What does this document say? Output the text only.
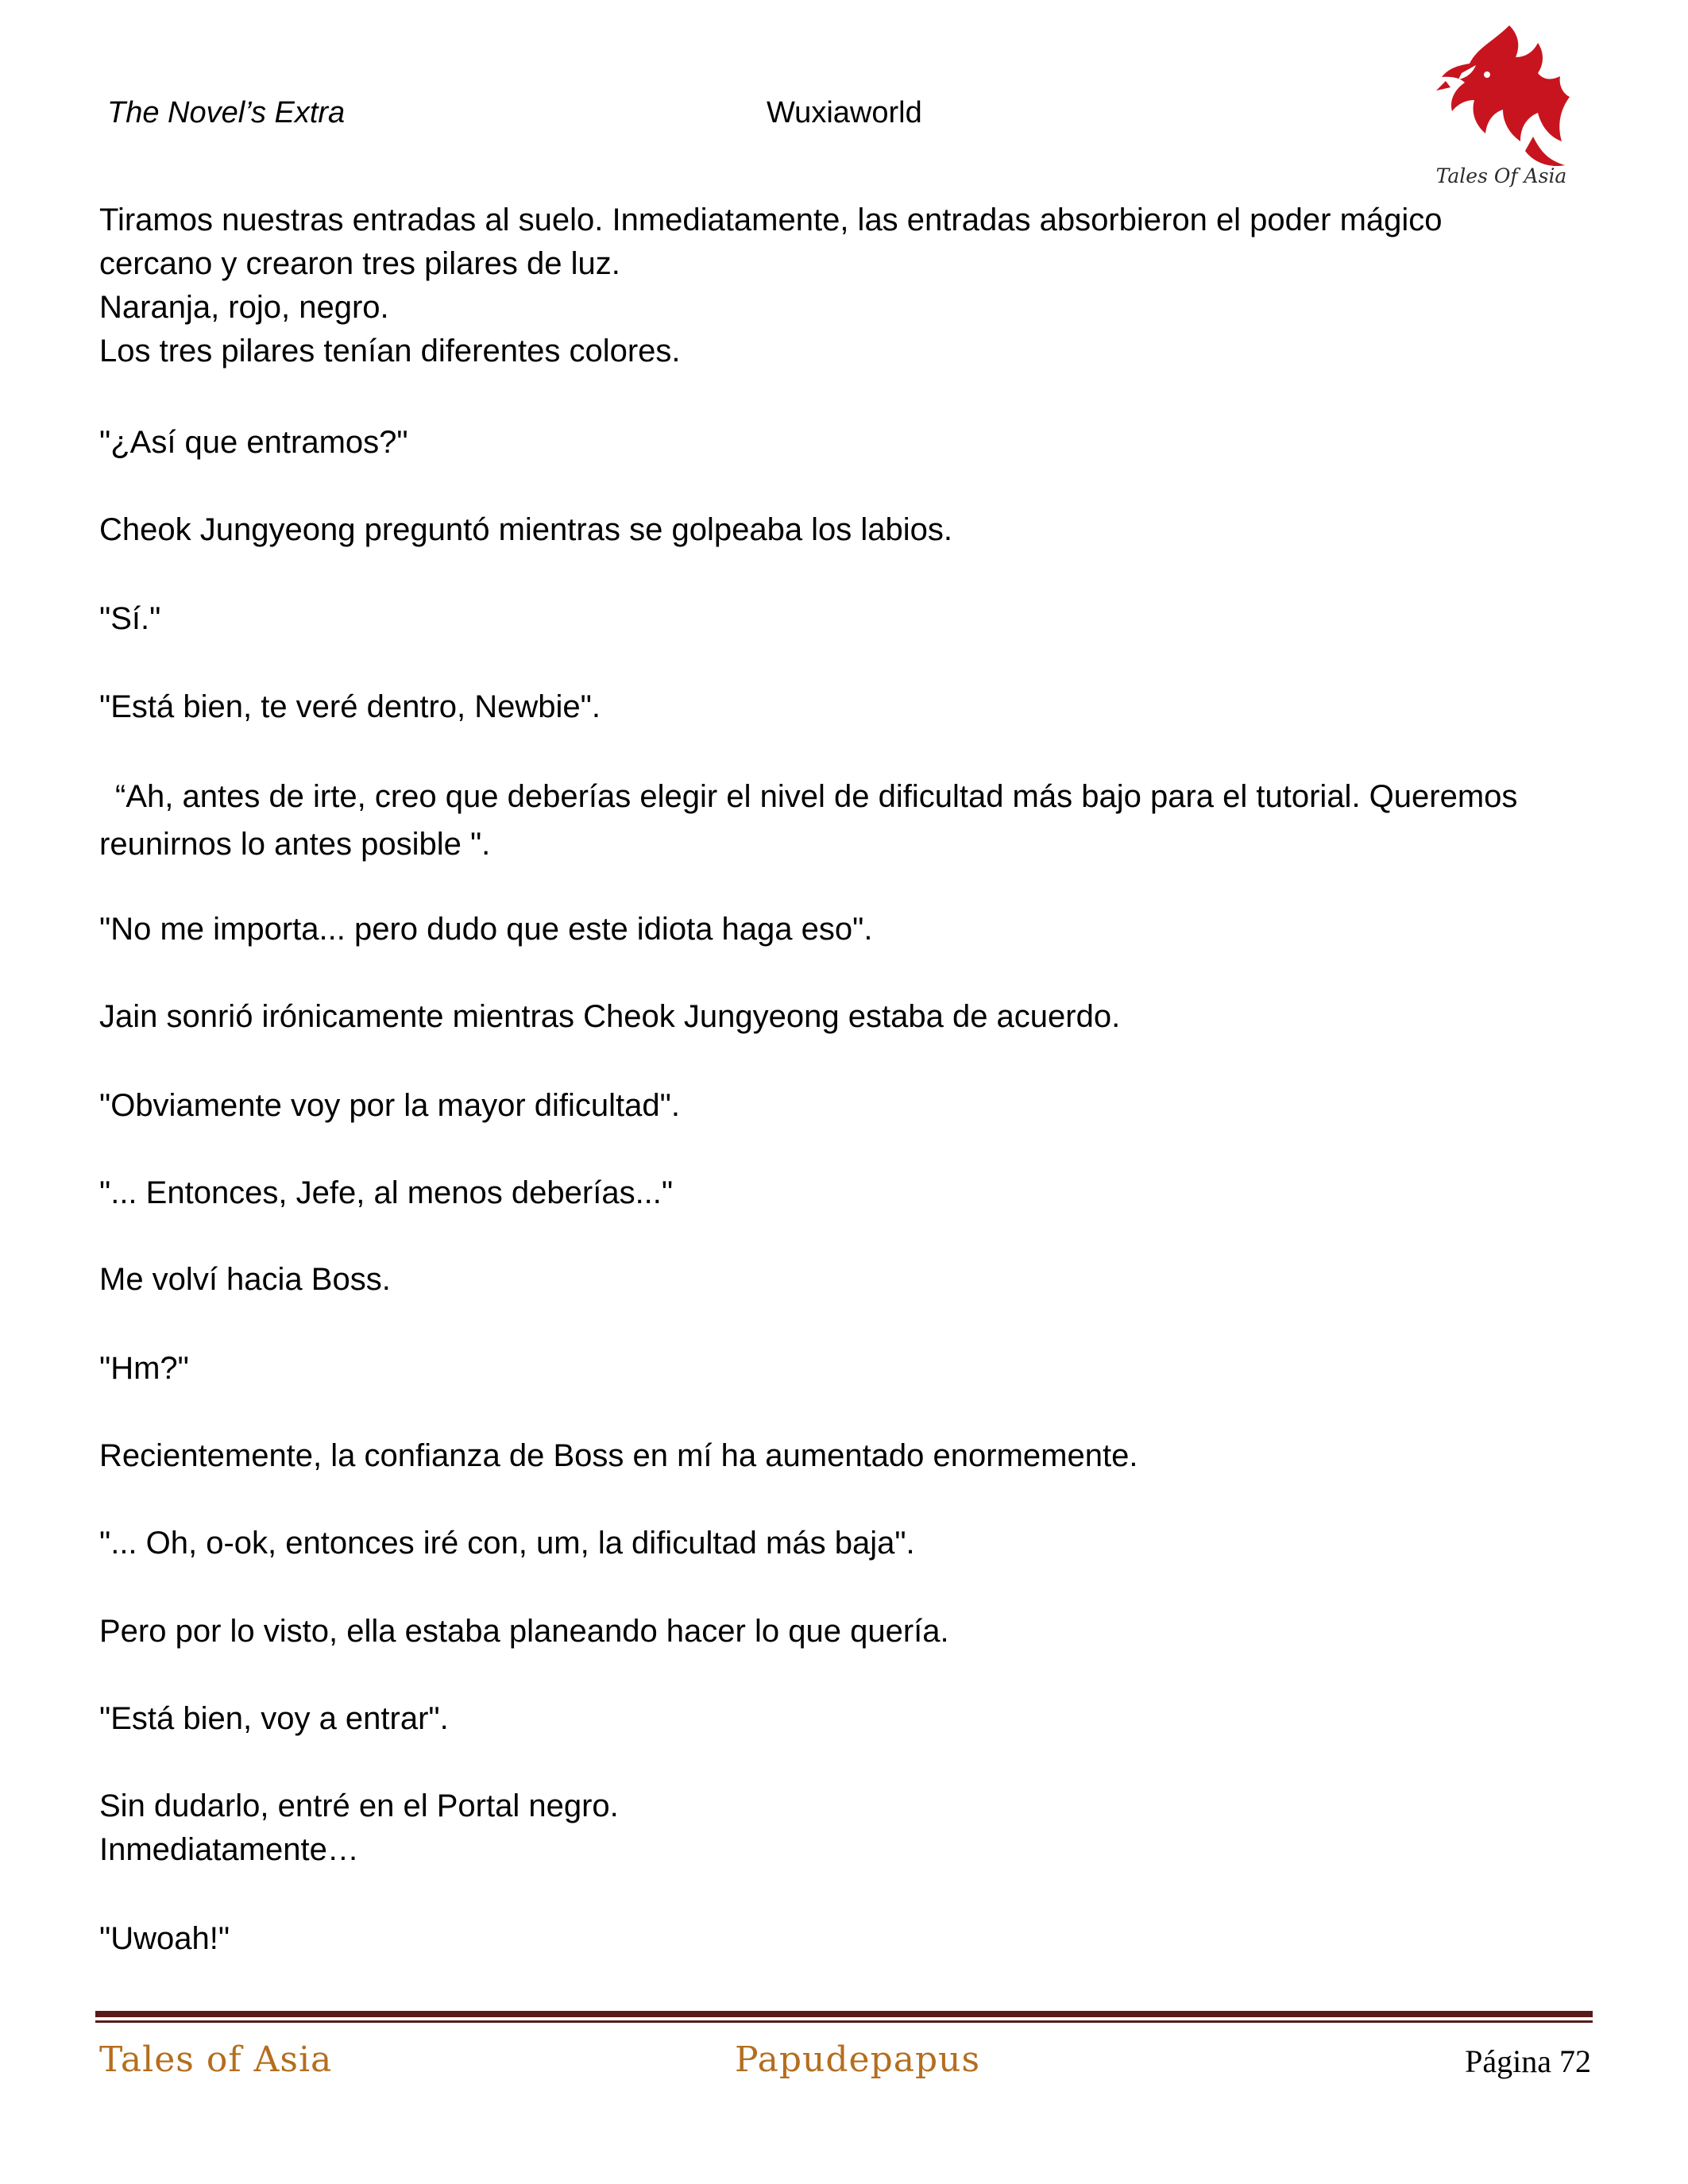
The Novel’s Extra	Wuxiaworld
Tales Of Asia

Tiramos nuestras entradas al suelo. Inmediatamente, las entradas absorbieron el poder mágico

cercano y crearon tres pilares de luz.

Naranja, rojo, negro.

Los tres pilares tenían diferentes colores.

"¿Así que entramos?"

Cheok Jungyeong preguntó mientras se golpeaba los labios.

"Sí."

"Está bien, te veré dentro, Newbie".

“Ah, antes de irte, creo que deberías elegir el nivel de dificultad más bajo para el tutorial. Queremos reunirnos lo antes posible ".

"No me importa... pero dudo que este idiota haga eso".

Jain sonrió irónicamente mientras Cheok Jungyeong estaba de acuerdo.

"Obviamente voy por la mayor dificultad".

"... Entonces, Jefe, al menos deberías..."

Me volví hacia Boss.

"Hm?"

Recientemente, la confianza de Boss en mí ha aumentado enormemente.

"... Oh, o-ok, entonces iré con, um, la dificultad más baja".

Pero por lo visto, ella estaba planeando hacer lo que quería.

"Está bien, voy a entrar".

Sin dudarlo, entré en el Portal negro.

Inmediatamente…

"Uwoah!"

Tales of Asia	Papudepapus	Página 72
